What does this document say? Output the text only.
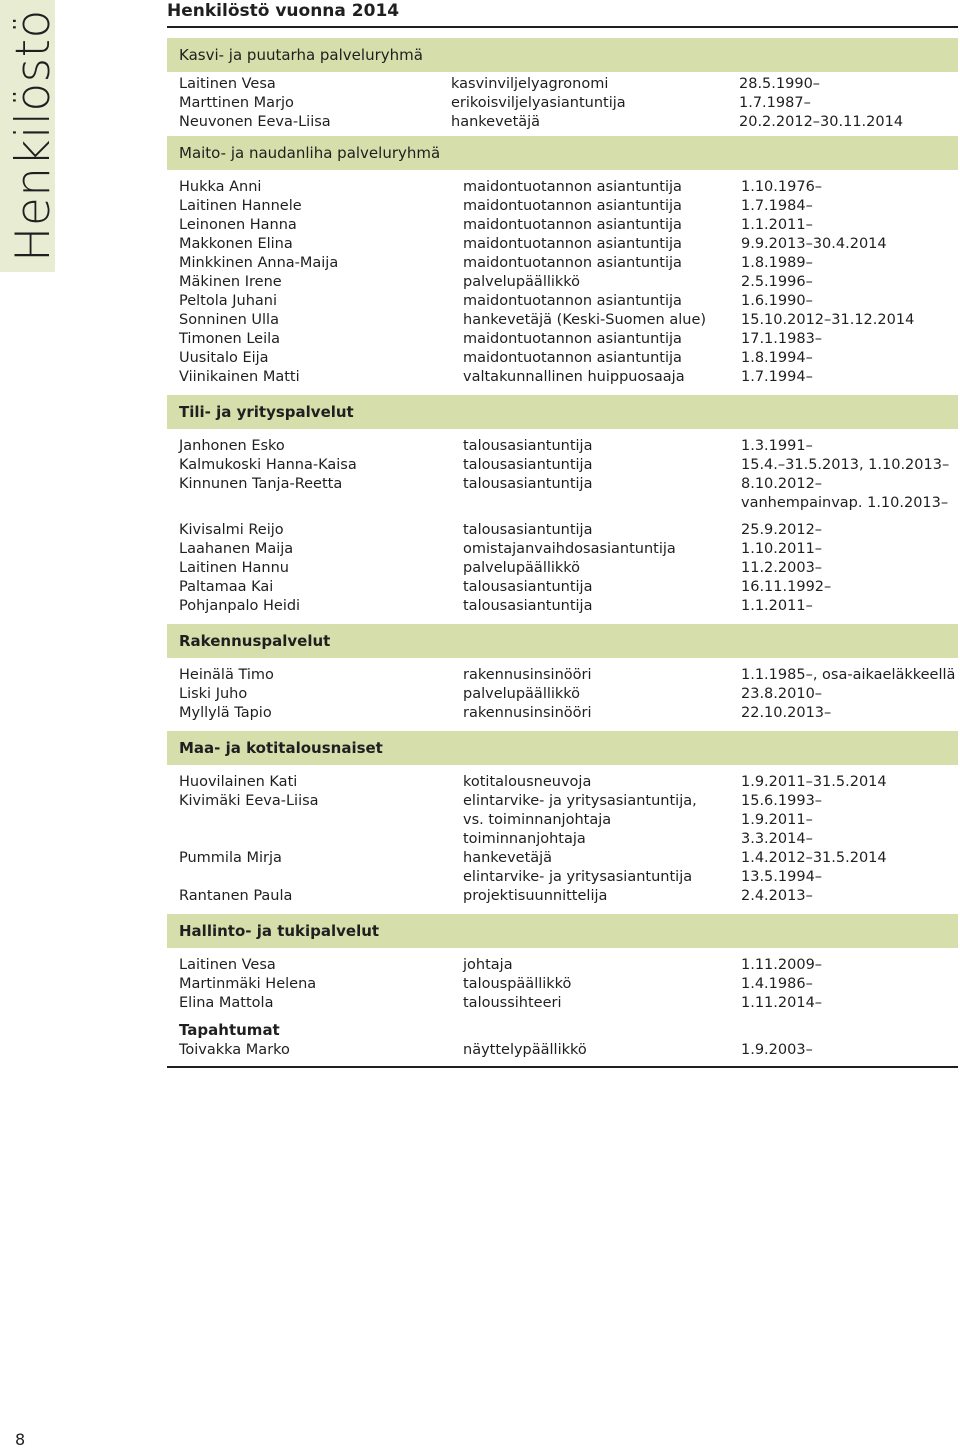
Henkilöstö	Henkilöstö vuonna 2014
Kasvi- ja puutarha palveluryhmä
Laitinen Vesa	kasvinviljelyagronomi	28.5.1990–
Marttinen Marjo	erikoisviljelyasiantuntija	1.7.1987–
Neuvonen Eeva-Liisa	hankevetäjä	20.2.2012–30.11.2014
Maito- ja naudanliha palveluryhmä
Hukka Anni	maidontuotannon asiantuntija	1.10.1976–
Laitinen Hannele	maidontuotannon asiantuntija	1.7.1984–
Leinonen Hanna	maidontuotannon asiantuntija	1.1.2011–
Makkonen Elina	maidontuotannon asiantuntija	9.9.2013–30.4.2014
Minkkinen Anna-Maija	maidontuotannon asiantuntija	1.8.1989–
Mäkinen Irene	palvelupäällikkö	2.5.1996–
Peltola Juhani	maidontuotannon asiantuntija	1.6.1990–
Sonninen Ulla	hankevetäjä (Keski-Suomen alue) 15.10.2012–31.12.2014
Timonen Leila	maidontuotannon asiantuntija	17.1.1983–
Uusitalo Eija	maidontuotannon asiantuntija	1.8.1994–
Viinikainen Matti	valtakunnallinen huippuosaaja	1.7.1994–
Tili- ja yrityspalvelut
Janhonen Esko	talousasiantuntija	1.3.1991–
Kalmukoski Hanna-Kaisa	talousasiantuntija	15.4.–31.5.2013, 1.10.2013–
Kinnunen Tanja-Reetta	talousasiantuntija	8.10.2012–
vanhempainvap. 1.10.2013–
Kivisalmi Reijo	talousasiantuntija	25.9.2012–
Laahanen Maija	omistajanvaihdosasiantuntija	1.10.2011–
Laitinen Hannu	palvelupäällikkö	11.2.2003–
Paltamaa Kai	talousasiantuntija	16.11.1992–
Pohjanpalo Heidi	talousasiantuntija	1.1.2011–
Rakennuspalvelut
Heinälä Timo	rakennusinsinööri	1.1.1985–, osa-aikaeläkkeellä
Liski Juho	palvelupäällikkö	23.8.2010–
Myllylä Tapio	rakennusinsinööri	22.10.2013–
Maa- ja kotitalousnaiset
Huovilainen Kati	kotitalousneuvoja	1.9.2011–31.5.2014
Kivimäki Eeva-Liisa	elintarvike- ja yritysasiantuntija,	15.6.1993–
vs. toiminnanjohtaja	1.9.2011–
toiminnanjohtaja	3.3.2014–
Pummila Mirja	hankevetäjä	1.4.2012–31.5.2014
elintarvike- ja yritysasiantuntija	13.5.1994–
Rantanen Paula	projektisuunnittelija	2.4.2013–
Hallinto- ja tukipalvelut
Laitinen Vesa	johtaja	1.11.2009–
Martinmäki Helena	talouspäällikkö	1.4.1986–
Elina Mattola	taloussihteeri	1.11.2014–
Tapahtumat
Toivakka Marko	näyttelypäällikkö	1.9.2003–
8
